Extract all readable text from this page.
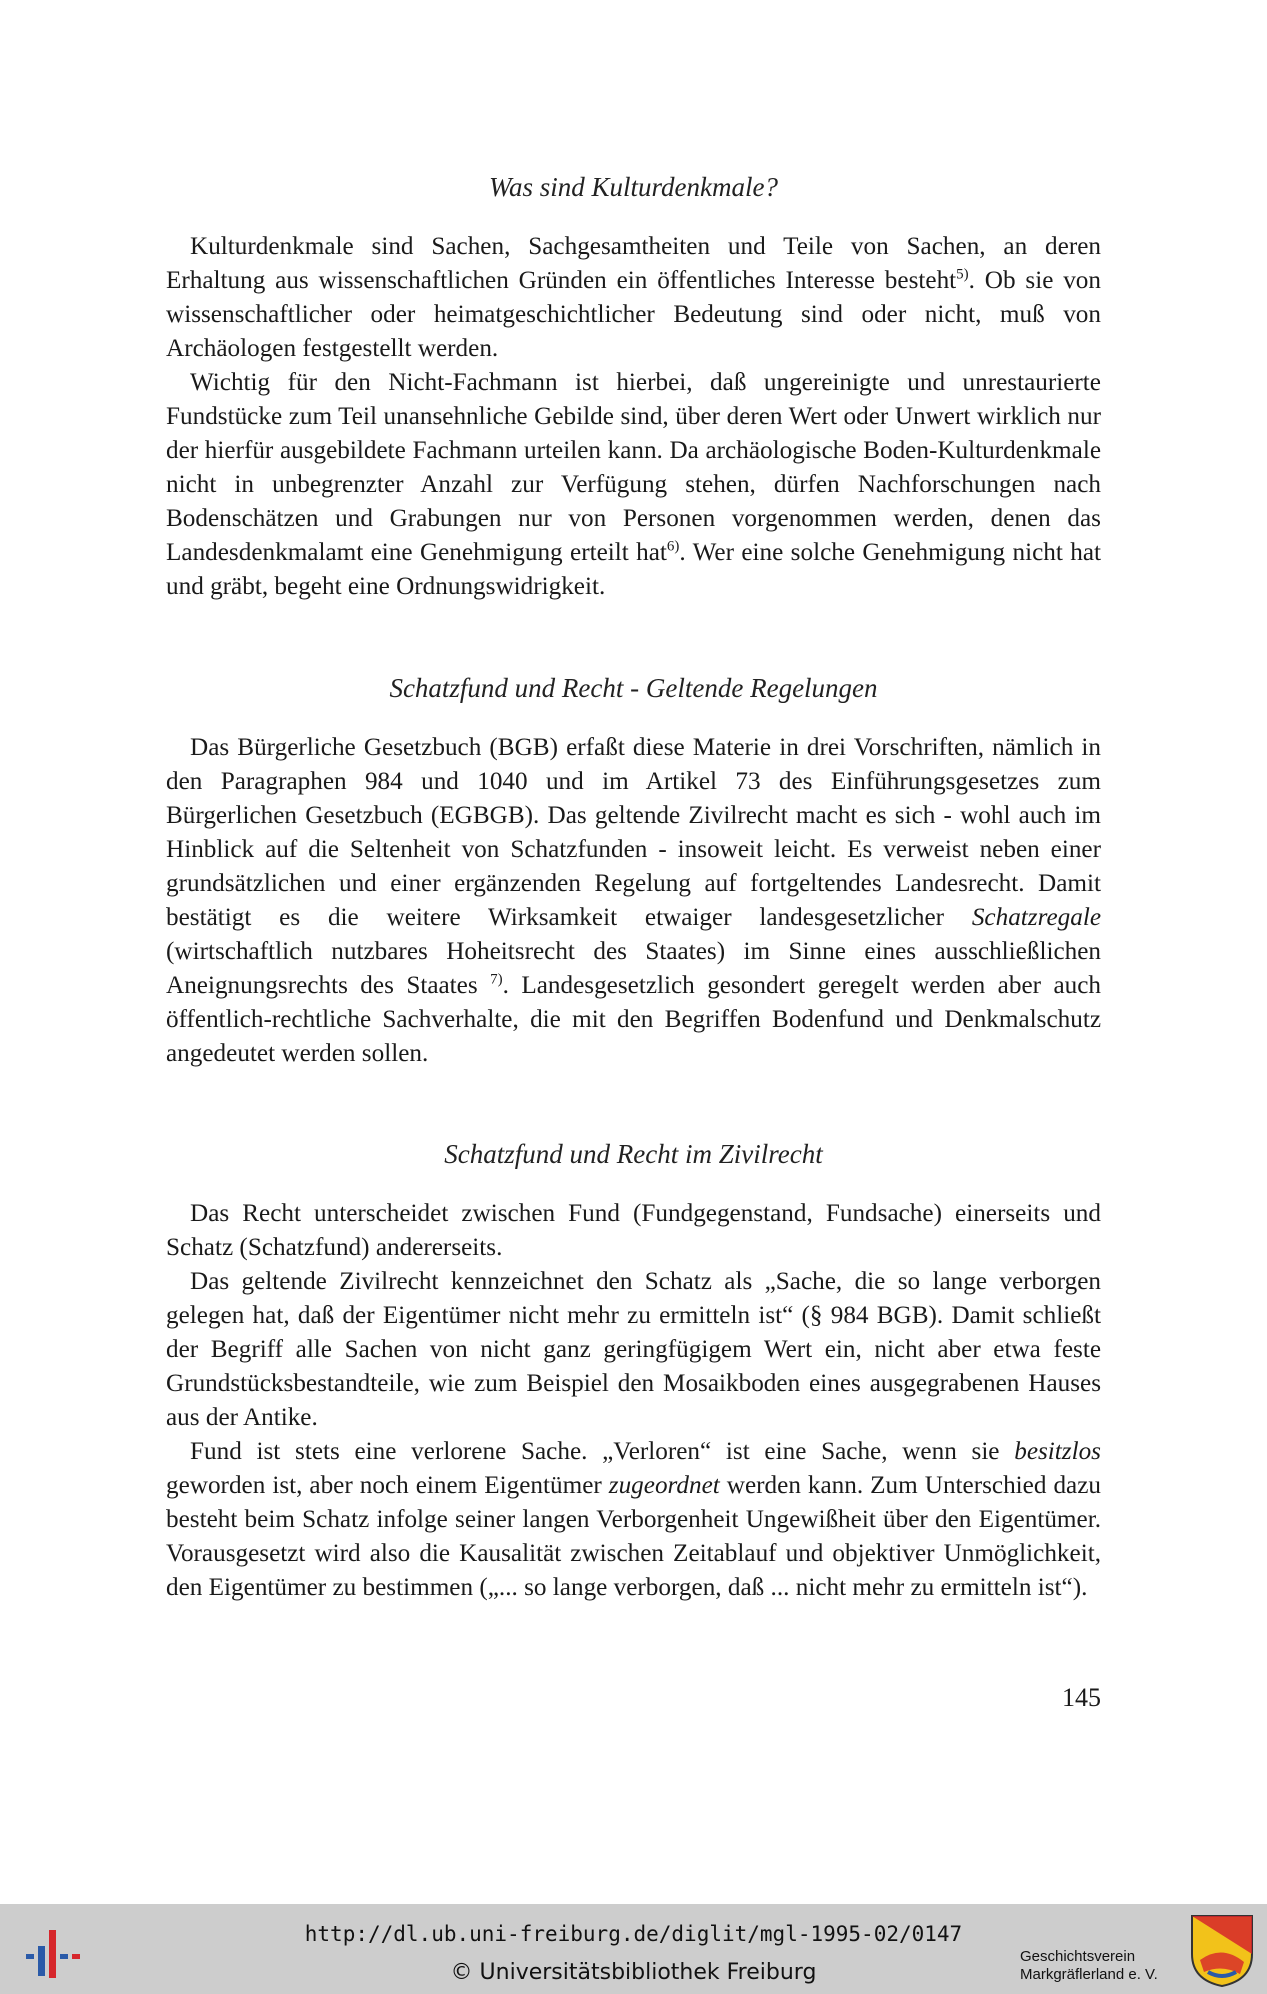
Was sind Kulturdenkmale?

Kulturdenkmale sind Sachen, Sachgesamtheiten und Teile von Sachen, an deren Erhaltung aus wissenschaftlichen Gründen ein öffentliches Interesse besteht$^{5)}$. Ob sie von wissenschaftlicher oder heimatgeschichtlicher Bedeutung sind oder nicht, muß von Archäologen festgestellt werden.

Wichtig für den Nicht-Fachmann ist hierbei, daß ungereinigte und unrestaurierte Fundstücke zum Teil unansehnliche Gebilde sind, über deren Wert oder Unwert wirklich nur der hierfür ausgebildete Fachmann urteilen kann. Da archäologische Boden-Kulturdenkmale nicht in unbegrenzter Anzahl zur Verfügung stehen, dürfen Nachforschungen nach Bodenschätzen und Grabungen nur von Personen vorgenommen werden, denen das Landesdenkmalamt eine Genehmigung erteilt hat$^{6)}$. Wer eine solche Genehmigung nicht hat und gräbt, begeht eine Ordnungswidrigkeit.

Schatzfund und Recht - Geltende Regelungen

Das Bürgerliche Gesetzbuch (BGB) erfaßt diese Materie in drei Vorschriften, nämlich in den Paragraphen 984 und 1040 und im Artikel 73 des Einführungsgesetzes zum Bürgerlichen Gesetzbuch (EGBGB). Das geltende Zivilrecht macht es sich - wohl auch im Hinblick auf die Seltenheit von Schatzfunden - insoweit leicht. Es verweist neben einer grundsätzlichen und einer ergänzenden Regelung auf fortgeltendes Landesrecht. Damit bestätigt es die weitere Wirksamkeit etwaiger landesgesetzlicher Schatzregale (wirtschaftlich nutzbares Hoheitsrecht des Staates) im Sinne eines ausschließlichen Aneignungsrechts des Staates $^{7)}$. Landesgesetzlich gesondert geregelt werden aber auch öffentlich-rechtliche Sachverhalte, die mit den Begriffen Bodenfund und Denkmalschutz angedeutet werden sollen.

Schatzfund und Recht im Zivilrecht

Das Recht unterscheidet zwischen Fund (Fundgegenstand, Fundsache) einerseits und Schatz (Schatzfund) andererseits.

Das geltende Zivilrecht kennzeichnet den Schatz als „Sache, die so lange verborgen gelegen hat, daß der Eigentümer nicht mehr zu ermitteln ist“ (§ 984 BGB). Damit schließt der Begriff alle Sachen von nicht ganz geringfügigem Wert ein, nicht aber etwa feste Grundstücksbestandteile, wie zum Beispiel den Mosaikboden eines ausgegrabenen Hauses aus der Antike.

Fund ist stets eine verlorene Sache. „Verloren“ ist eine Sache, wenn sie besitzlos geworden ist, aber noch einem Eigentümer zugeordnet werden kann. Zum Unterschied dazu besteht beim Schatz infolge seiner langen Verborgenheit Ungewißheit über den Eigentümer. Vorausgesetzt wird also die Kausalität zwischen Zeitablauf und objektiver Unmöglichkeit, den Eigentümer zu bestimmen („... so lange verborgen, daß ... nicht mehr zu ermitteln ist“).

145
http://dl.ub.uni-freiburg.de/diglit/mgl-1995-02/0147
© Universitätsbibliothek Freiburg
Geschichtsverein
Markgräflerland e. V.
